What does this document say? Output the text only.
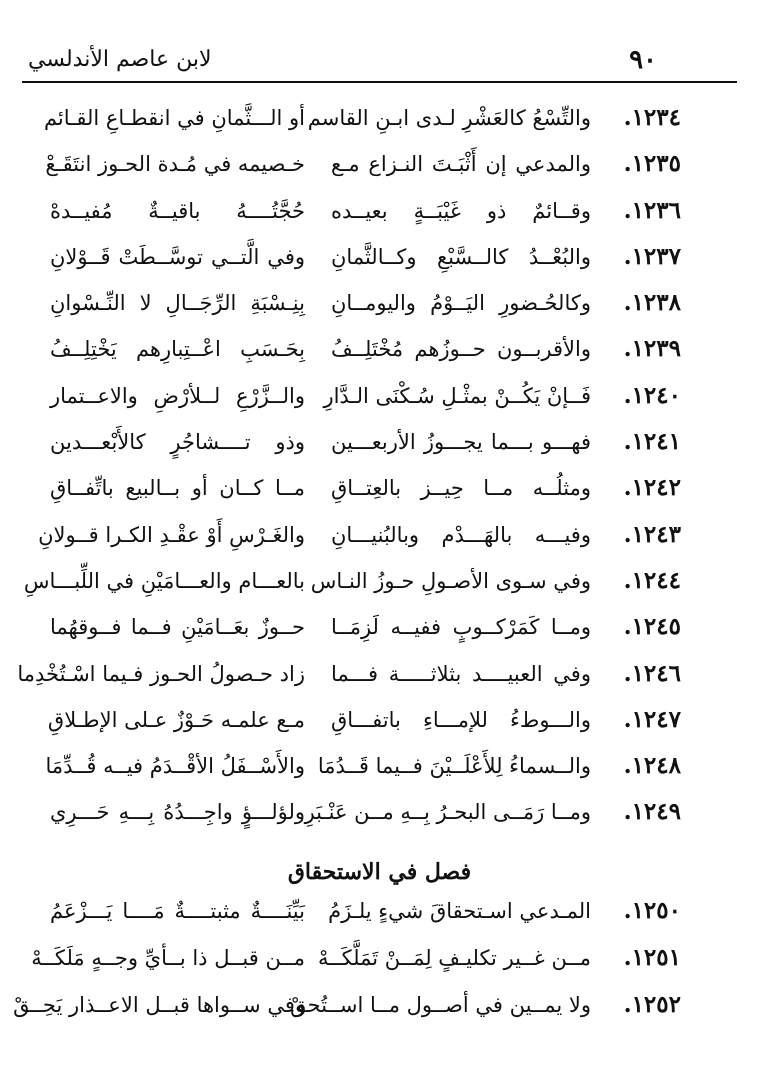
٩٠
لابن عاصم الأندلسي
١٢٣٤.
والتِّسْعُ كالعَشْرِ لـدى ابـنِ القاسم
أو الـــثَّمانِ في انقطـاعِ القـائم
١٢٣٥.
والمدعي إن أَثْبَـتَ النـزاع مـع
خـصيمه في مُـدة الحـوز انتَقَـعْ
١٢٣٦.
وقــائمٌ ذو غَيْبَــةٍ بعيــده
حُجَّتُــــهُ باقيــةٌ مُفيــدهْ
١٢٣٧.
والبُعْــدُ كالــسَّبْعِ وكــالثَّمانِ
وفي الَّتــي توسَّــطَتْ قَــوْلانِ
١٢٣٨.
وكالحُـضورِ اليَــوْمُ واليومــانِ
بِنِـسْبَةِ الرِّجَــالِ لا النِّـسْوانِ
١٢٣٩.
والأقربــون حــوزُهم مُخْتَلِــفُ
بِحَـسَبِ اعْــتِبارِهم يَخْتِلِــفُ
١٢٤٠.
فَــإنْ يَكُــنْ بمثْـلِ سُـكْنَى الـدَّارِ
والــزَّرْعِ لــلأرْضِ والاعــتمار
١٢٤١.
فهـــو بـــما يجـــوزُ الأربعـــين
وذو تــــشاجُرٍ كالأَبْعـــدين
١٢٤٢.
ومثلُــه مــا حِيــز بالعِتــاقِ
مــا كــان أو بــالبيع باتِّفــاقِ
١٢٤٣.
وفيـــه بالهَـــدْم وبالبُنيـــانِ
والغَـرْسِ أَوْ عقْـدِ الكـرا قــولانِ
١٢٤٤.
وفي سـوى الأصـولِ حـوزُ النـاس
بالعـــام والعـــامَيْنِ في اللِّبـــاسِ
١٢٤٥.
ومــا كَمَرْكــوبٍ ففيــه لَزِمَــا
حــوزٌ بعَــامَيْنِ فــما فــوقهُما
١٢٤٦.
وفي العبيــــد بثلاثـــــة فـــما
زاد حـصولُ الحـوز فـيما اسْـتُخْدِما
١٢٤٧.
والـــوطءُ للإمـــاءِ باتفـــاقِ
مـع علمـه حَـوْزٌ عـلى الإطـلاقِ
١٢٤٨.
والــسماءُ لِلأَعْلَــيْنَ فــيما قَــدُمَا
والأَسْــفَلُ الأقْــدَمُ فيــه قُــدِّمَا
١٢٤٩.
ومــا رَمَــى البحـرُ بِــهِ مــن عَنْـبَرِ
ولؤلـــؤٍ واجِـــدُهُ بِـــهِ حَـــرِي
فصل في الاستحقاق
١٢٥٠.
المـدعي اسـتحقاقَ شيءٍ يلـزَمُ
بَيِّنَــــةٌ مثبتــــةٌ مَــــا يَـــزْعَمُ
١٢٥١.
مــن غــير تكليـفٍ لِمَــنْ تَمَلَّكَــهْ
مــن قبــل ذا بــأيِّ وجــهٍ مَلَكَــهْ
١٢٥٢.
ولا يمــين في أصــول مــا اســتُحقْ
وفي ســواها قبــل الاعــذار يَحِــقْ
